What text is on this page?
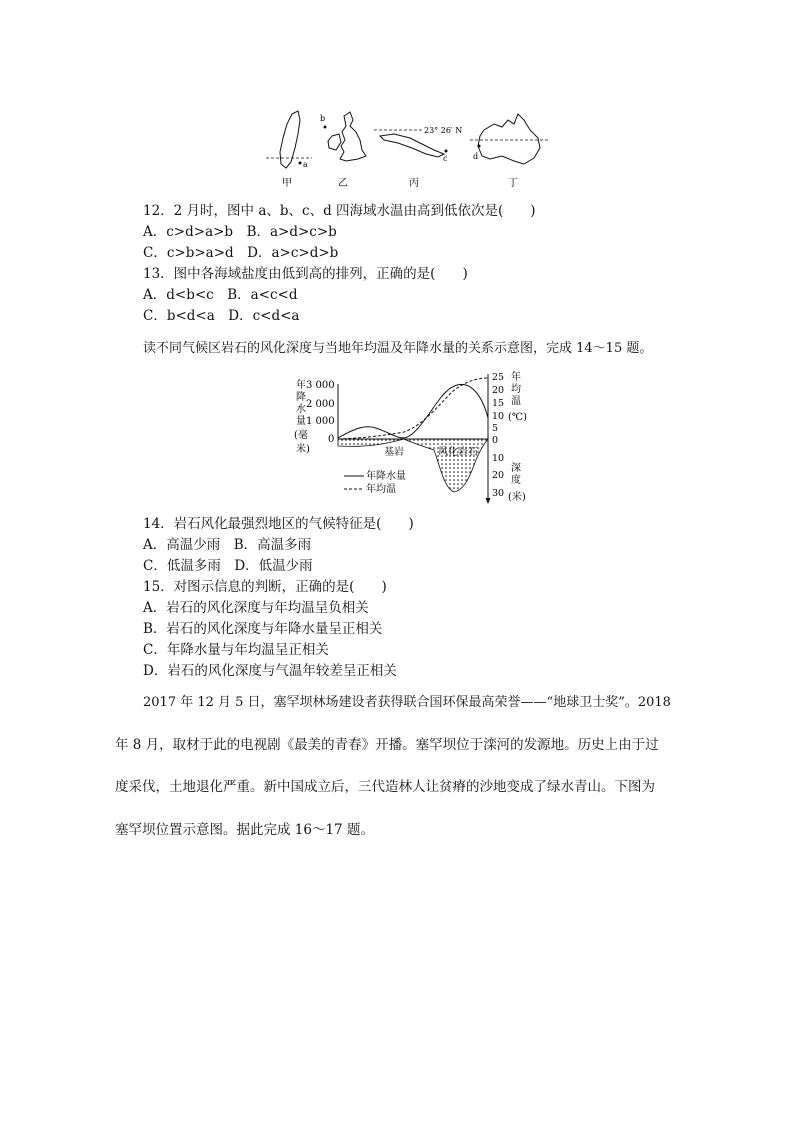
a
b
23° 26′ N
c	d
甲	乙	丙	丁
12．2 月时，图中 a、b、c、d 四海域水温由高到低依次是(　　)
A．c>d>a>b　B．a>d>c>b
C．c>b>a>d　D．a>c>d>b
13．图中各海域盐度由低到高的排列，正确的是(　　)
A．d<b<c　B．a<c<d
C．b<d<a　D．c<d<a
读不同气候区岩石的风化深度与当地年均温及年降水量的关系示意图，完成 14～15 题。
3 000
2 000
1 000
0
年
降
水
量
(毫
米)
25
20
15
10
5
0
10
20
30
年
均
温
(℃)
深
度
(米)
基岩	风化岩石
年降水量
年均温
14．岩石风化最强烈地区的气候特征是(　　)
A．高温少雨　B．高温多雨
C．低温多雨　D．低温少雨
15．对图示信息的判断，正确的是(　　)
A．岩石的风化深度与年均温呈负相关
B．岩石的风化深度与年降水量呈正相关
C．年降水量与年均温呈正相关
D．岩石的风化深度与气温年较差呈正相关
2017 年 12 月 5 日，塞罕坝林场建设者获得联合国环保最高荣誉——“地球卫士奖”。2018
年 8 月，取材于此的电视剧《最美的青春》开播。塞罕坝位于滦河的发源地。历史上由于过
度采伐，土地退化严重。新中国成立后，三代造林人让贫瘠的沙地变成了绿水青山。下图为
塞罕坝位置示意图。据此完成 16～17 题。
